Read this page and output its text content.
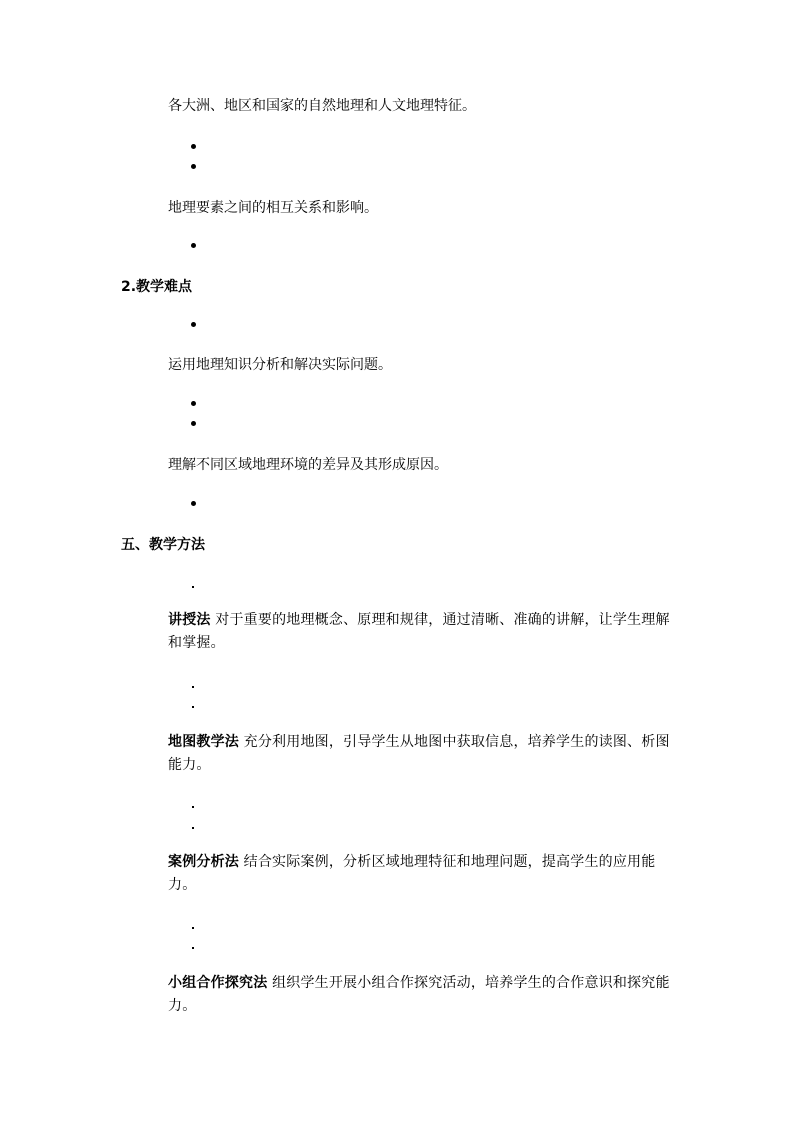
各大洲、地区和国家的自然地理和人文地理特征。
地理要素之间的相互关系和影响。
2.教学难点
运用地理知识分析和解决实际问题。
理解不同区域地理环境的差异及其形成原因。
五、教学方法
讲授法 对于重要的地理概念、原理和规律，通过清晰、准确的讲解，让学生理解和掌握。
地图教学法 充分利用地图，引导学生从地图中获取信息，培养学生的读图、析图能力。
案例分析法 结合实际案例，分析区域地理特征和地理问题，提高学生的应用能力。
小组合作探究法 组织学生开展小组合作探究活动，培养学生的合作意识和探究能力。
